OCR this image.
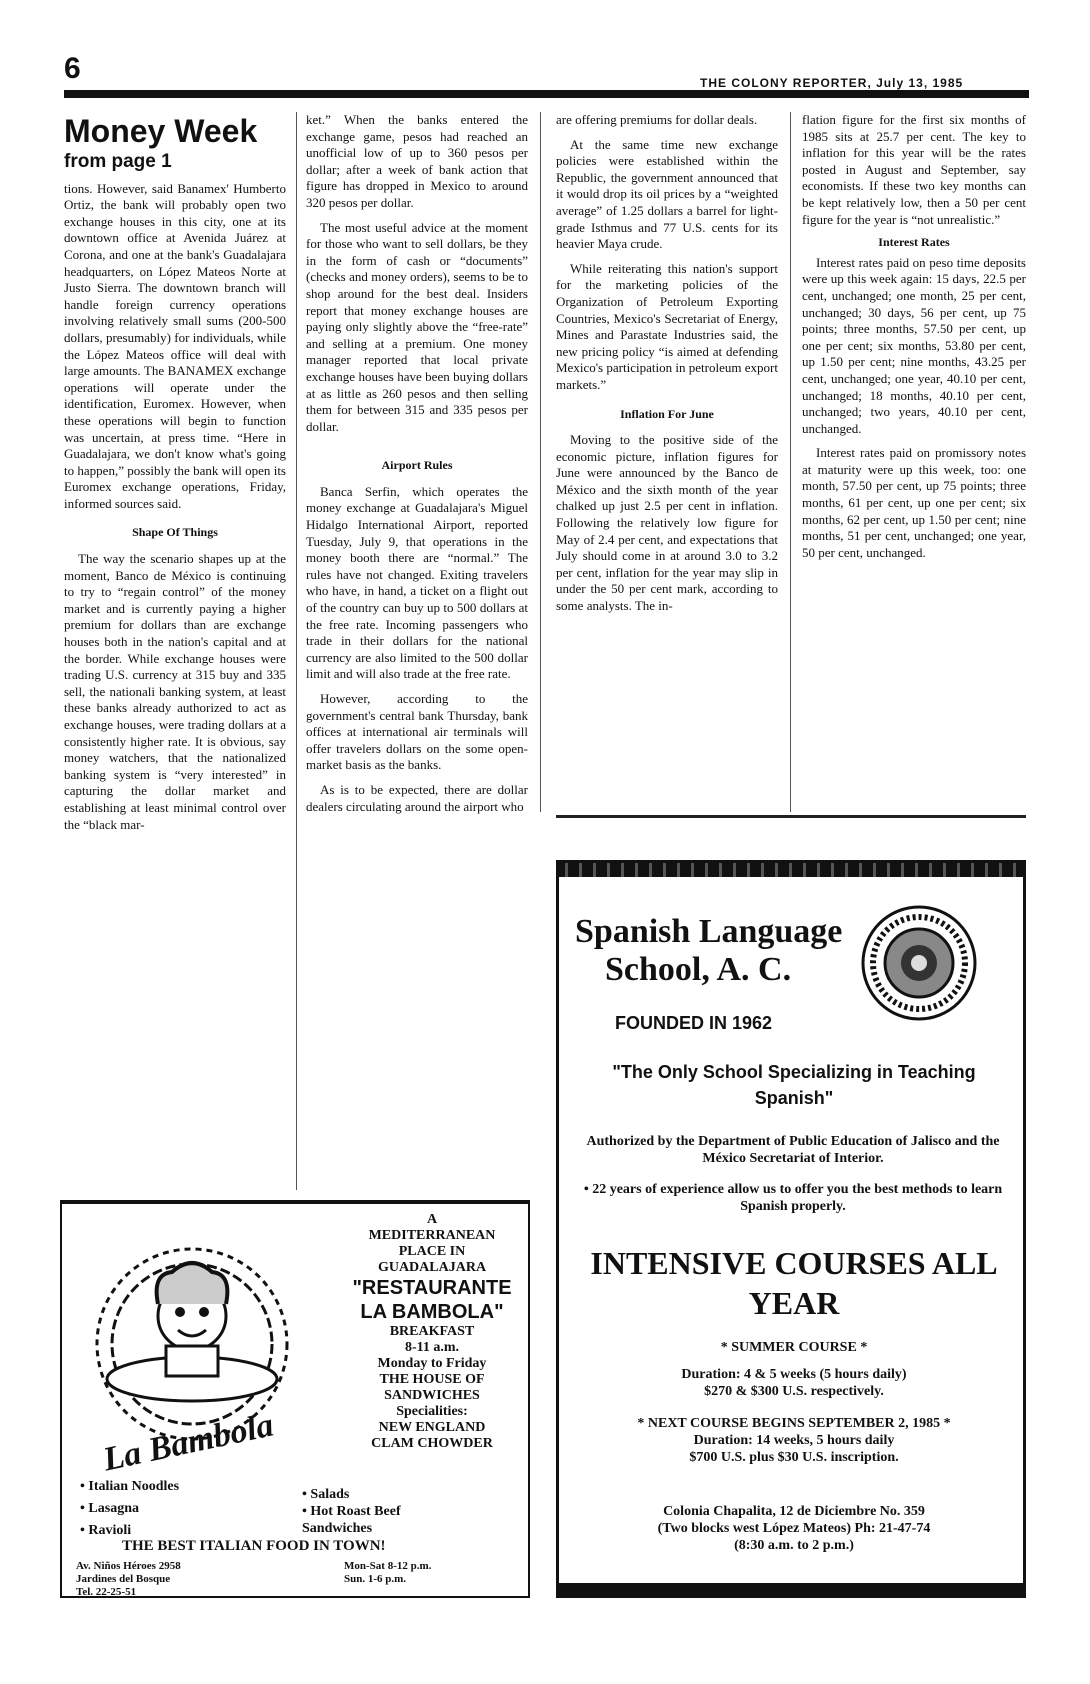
6	THE COLONY REPORTER, July 13, 1985
Money Week
from page 1

tions. However, said Banamex' Humberto Ortiz, the bank will probably open two exchange houses in this city, one at its downtown office at Avenida Juárez at Corona, and one at the bank's Guadalajara headquarters, on López Mateos Norte at Justo Sierra. The downtown branch will handle foreign currency operations involving relatively small sums (200-500 dollars, presumably) for individuals, while the López Mateos office will deal with large amounts. The BANAMEX exchange operations will operate under the identification, Euromex. However, when these operations will begin to function was uncertain, at press time. “Here in Guadalajara, we don't know what's going to happen,” possibly the bank will open its Euromex exchange operations, Friday, informed sources said.

Shape Of Things

The way the scenario shapes up at the moment, Banco de México is continuing to try to “regain control” of the money market and is currently paying a higher premium for dollars than are exchange houses both in the nation's capital and at the border. While exchange houses were trading U.S. currency at 315 buy and 335 sell, the nationali banking system, at least these banks already authorized to act as exchange houses, were trading dollars at a consistently higher rate. It is obvious, say money watchers, that the nationalized banking system is “very interested” in capturing the dollar market and establishing at least minimal control over the “black mar-

ket.” When the banks entered the exchange game, pesos had reached an unofficial low of up to 360 pesos per dollar; after a week of bank action that figure has dropped in Mexico to around 320 pesos per dollar.

The most useful advice at the moment for those who want to sell dollars, be they in the form of cash or “documents” (checks and money orders), seems to be to shop around for the best deal. Insiders report that money exchange houses are paying only slightly above the “free-rate” and selling at a premium. One money manager reported that local private exchange houses have been buying dollars at as little as 260 pesos and then selling them for between 315 and 335 pesos per dollar.

Airport Rules

Banca Serfin, which operates the money exchange at Guadalajara's Miguel Hidalgo International Airport, reported Tuesday, July 9, that operations in the money booth there are “normal.” The rules have not changed. Exiting travelers who have, in hand, a ticket on a flight out of the country can buy up to 500 dollars at the free rate. Incoming passengers who trade in their dollars for the national currency are also limited to the 500 dollar limit and will also trade at the free rate.

However, according to the government's central bank Thursday, bank offices at international air terminals will offer travelers dollars on the some open-market basis as the banks.

As is to be expected, there are dollar dealers circulating around the airport who

are offering premiums for dollar deals.

At the same time new exchange policies were established within the Republic, the government announced that it would drop its oil prices by a “weighted average” of 1.25 dollars a barrel for light-grade Isthmus and 77 U.S. cents for its heavier Maya crude.

While reiterating this nation's support for the marketing policies of the Organization of Petroleum Exporting Countries, Mexico's Secretariat of Energy, Mines and Parastate Industries said, the new pricing policy “is aimed at defending Mexico's participation in petroleum export markets.”

Inflation For June

Moving to the positive side of the economic picture, inflation figures for June were announced by the Banco de México and the sixth month of the year chalked up just 2.5 per cent in inflation. Following the relatively low figure for May of 2.4 per cent, and expectations that July should come in at around 3.0 to 3.2 per cent, inflation for the year may slip in under the 50 per cent mark, according to some analysts. The in-

flation figure for the first six months of 1985 sits at 25.7 per cent. The key to inflation for this year will be the rates posted in August and September, say economists. If these two key months can be kept relatively low, then a 50 per cent figure for the year is “not unrealistic.”

Interest Rates

Interest rates paid on peso time deposits were up this week again: 15 days, 22.5 per cent, unchanged; one month, 25 per cent, unchanged; 30 days, 56 per cent, up 75 points; three months, 57.50 per cent, up one per cent; six months, 53.80 per cent, up 1.50 per cent; nine months, 43.25 per cent, unchanged; one year, 40.10 per cent, unchanged; 18 months, 40.10 per cent, unchanged; two years, 40.10 per cent, unchanged.

Interest rates paid on promissory notes at maturity were up this week, too: one month, 57.50 per cent, up 75 points; three months, 61 per cent, up one per cent; six months, 62 per cent, up 1.50 per cent; nine months, 51 per cent, unchanged; one year, 50 per cent, unchanged.

La Bambola
A
MEDITERRANEAN
PLACE IN
GUADALAJARA
"RESTAURANTE
LA BAMBOLA"
BREAKFAST
8-11 a.m.
Monday to Friday
THE HOUSE OF
SANDWICHES
Specialities:
NEW ENGLAND
CLAM CHOWDER
• Italian Noodles
• Lasagna
• Ravioli
• Salads
• Hot Roast Beef Sandwiches
THE BEST ITALIAN FOOD IN TOWN!
Av. Niños Héroes 2958
Jardines del Bosque
Tel. 22-25-51
Mon-Sat 8-12 p.m.
Sun. 1-6 p.m.
Spanish Language
School, A. C.
FOUNDED IN 1962
"The Only School Specializing in Teaching Spanish"
Authorized by the Department of Public Education of Jalisco and the México Secretariat of Interior.
• 22 years of experience allow us to offer you the best methods to learn Spanish properly.
INTENSIVE COURSES ALL YEAR
* SUMMER COURSE *
Duration: 4 & 5 weeks (5 hours daily)
$270 & $300 U.S. respectively.
* NEXT COURSE BEGINS SEPTEMBER 2, 1985 *
Duration: 14 weeks, 5 hours daily
$700 U.S. plus $30 U.S. inscription.
Colonia Chapalita, 12 de Diciembre No. 359
(Two blocks west López Mateos) Ph: 21-47-74
(8:30 a.m. to 2 p.m.)
